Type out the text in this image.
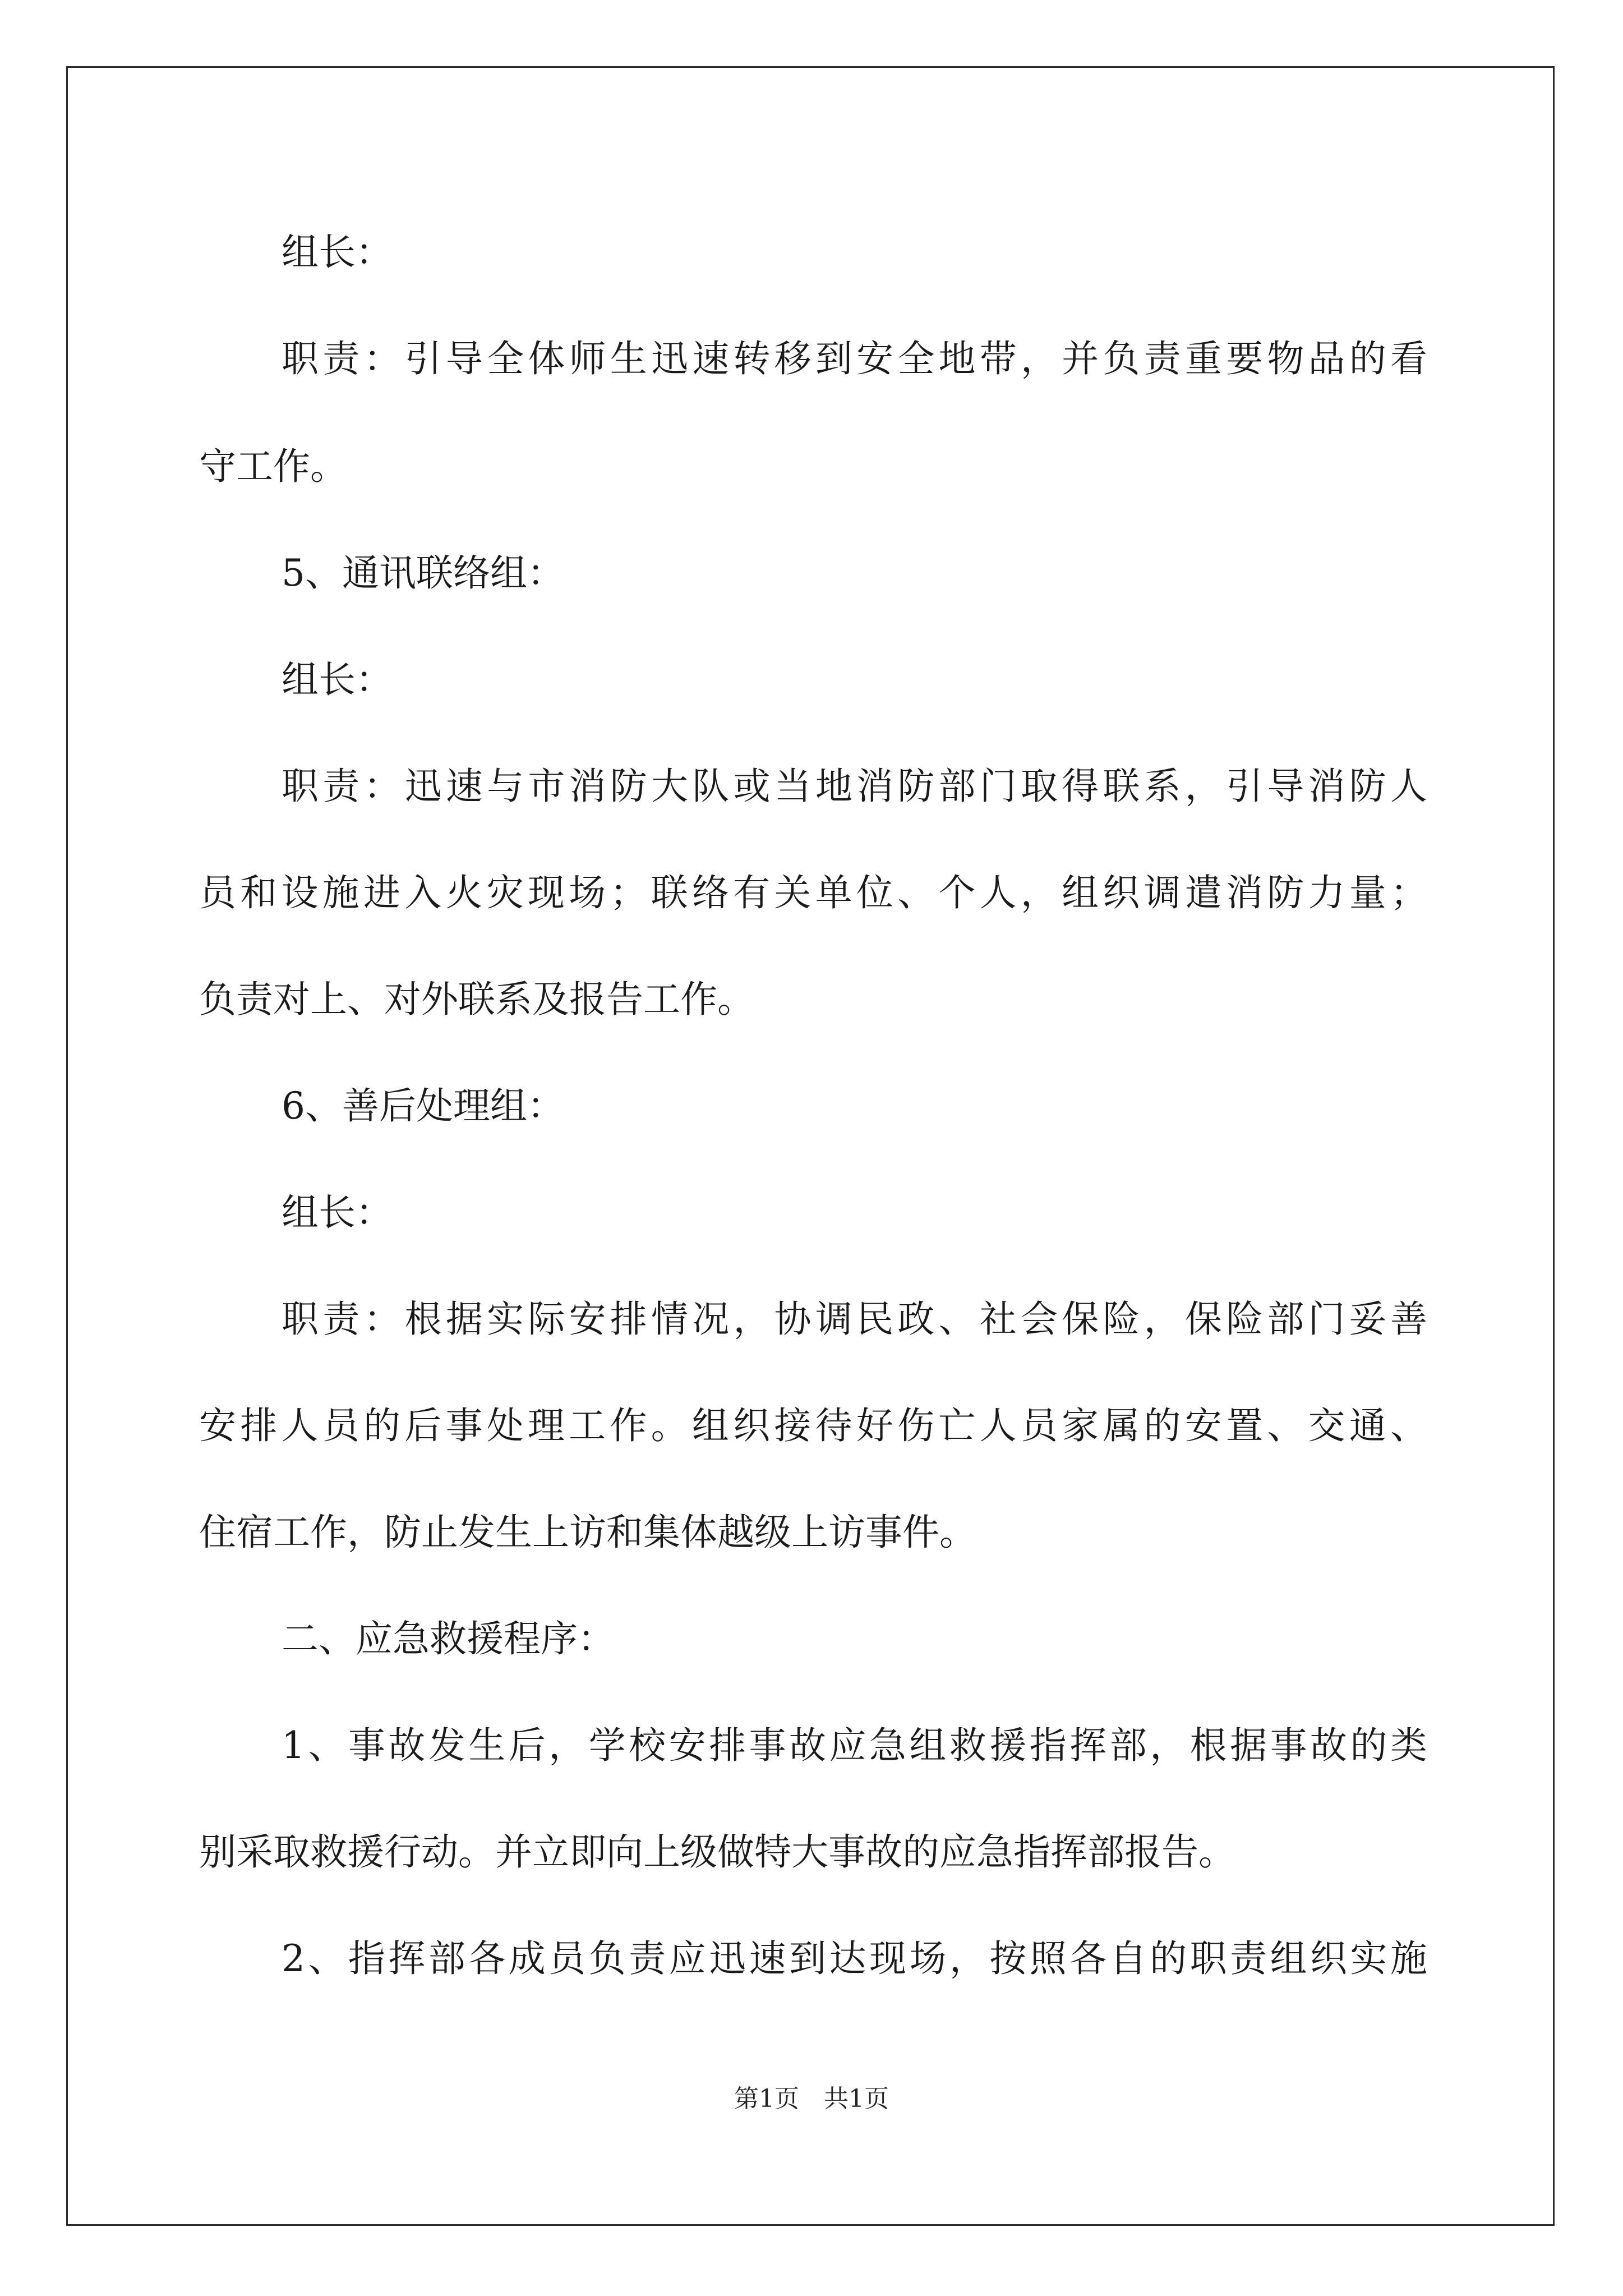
组长：
职责：引导全体师生迅速转移到安全地带，并负责重要物品的看
守工作。
5、通讯联络组：
组长：
职责：迅速与市消防大队或当地消防部门取得联系，引导消防人
员和设施进入火灾现场；联络有关单位、个人，组织调遣消防力量；
负责对上、对外联系及报告工作。
6、善后处理组：
组长：
职责：根据实际安排情况，协调民政、社会保险，保险部门妥善
安排人员的后事处理工作。组织接待好伤亡人员家属的安置、交通、
住宿工作，防止发生上访和集体越级上访事件。
二、应急救援程序：
1、事故发生后，学校安排事故应急组救援指挥部，根据事故的类
别采取救援行动。并立即向上级做特大事故的应急指挥部报告。
2、指挥部各成员负责应迅速到达现场，按照各自的职责组织实施
第1页　共1页
